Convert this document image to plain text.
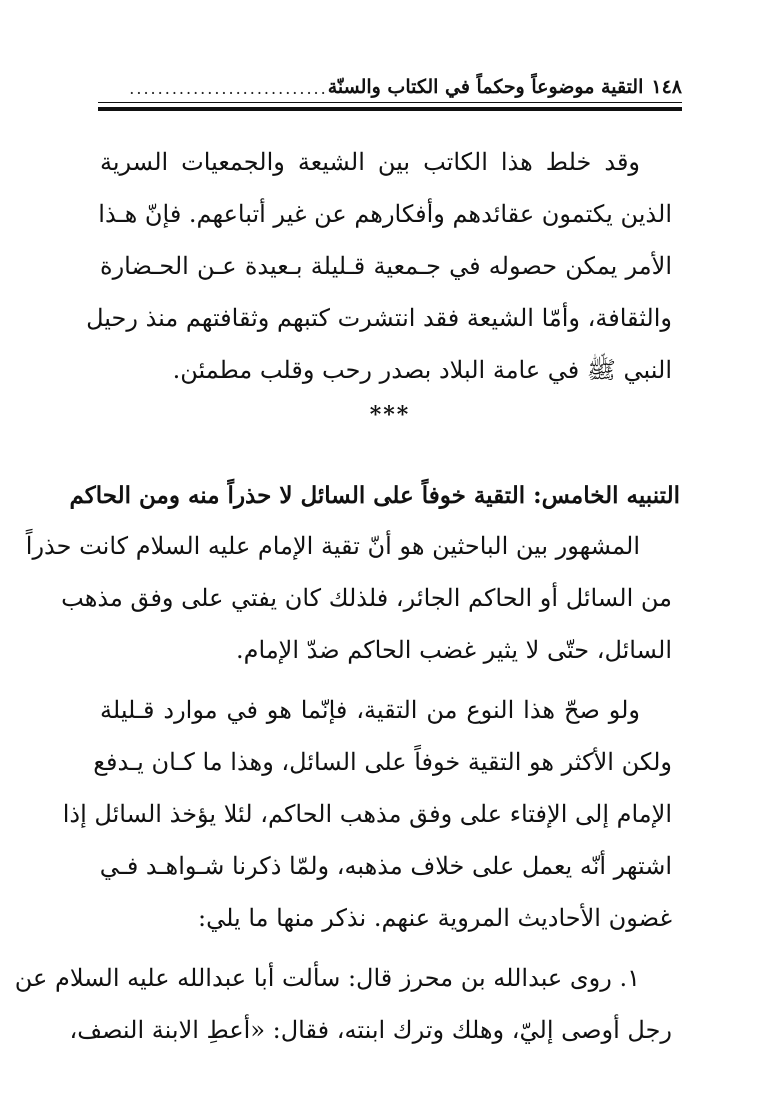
١٤٨
التقية موضوعاً وحكماً في الكتاب والسنّة
............................
وقد خلط هذا الكاتب بين الشيعة والجمعيات السرية
الذين يكتمون عقائدهم وأفكارهم عن غير أتباعهم. فإنّ هـذا
الأمر يمكن حصوله في جـمعية قـليلة بـعيدة عـن الحـضارة
والثقافة، وأمّا الشيعة فقد انتشرت كتبهم وثقافتهم منذ رحيل
النبي ﷺ في عامة البلاد بصدر رحب وقلب مطمئن.
***
التنبيه الخامس: التقية خوفاً على السائل لا حذراً منه ومن الحاكم
المشهور بين الباحثين هو أنّ تقية الإمام عليه السلام كانت حذراً
من السائل أو الحاكم الجائر، فلذلك كان يفتي على وفق مذهب
السائل، حتّى لا يثير غضب الحاكم ضدّ الإمام.
ولو صحّ هذا النوع من التقية، فإنّما هو في موارد قـليلة
ولكن الأكثر هو التقية خوفاً على السائل، وهذا ما كـان يـدفع
الإمام إلى الإفتاء على وفق مذهب الحاكم، لئلا يؤخذ السائل إذا
اشتهر أنّه يعمل على خلاف مذهبه، ولمّا ذكرنا شـواهـد فـي
غضون الأحاديث المروية عنهم. نذكر منها ما يلي:
١. روى عبدالله بن محرز قال: سألت أبا عبدالله عليه السلام عن
رجل أوصى إليّ، وهلك وترك ابنته، فقال: «أعطِ الابنة النصف،
